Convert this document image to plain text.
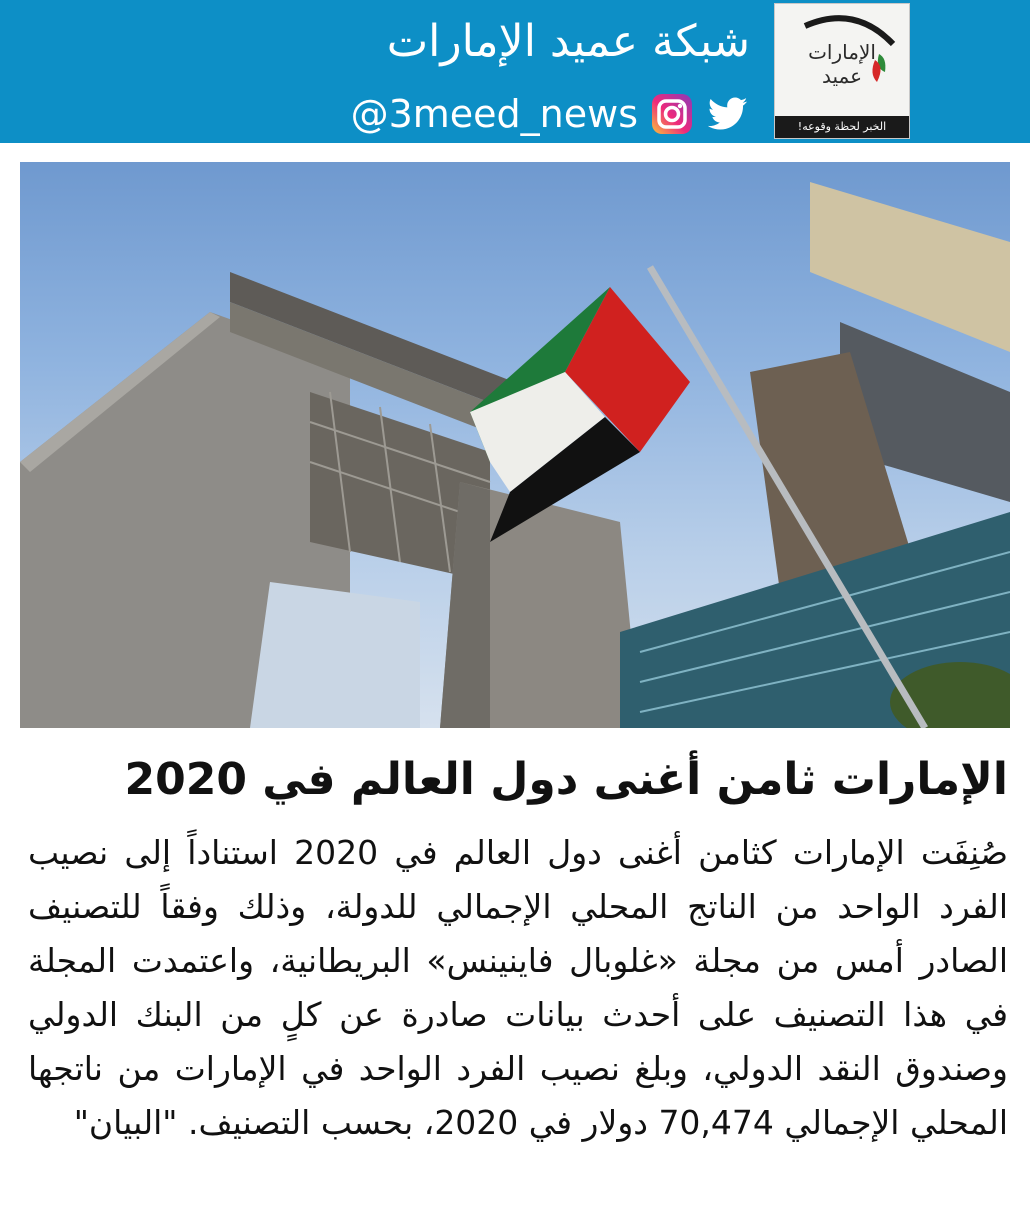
شبكة عميد الإمارات
@3meed_news
الإمارات
عميد
الخبر لحظة وقوعه!
الإمارات ثامن أغنى دول العالم في 2020

صُنِفَت الإمارات كثامن أغنى دول العالم في 2020 استناداً إلى نصيب الفرد الواحد من الناتج المحلي الإجمالي للدولة، وذلك وفقاً للتصنيف الصادر أمس من مجلة «غلوبال فاينينس» البريطانية، واعتمدت المجلة في هذا التصنيف على أحدث بيانات صادرة عن كلٍ من البنك الدولي وصندوق النقد الدولي، وبلغ نصيب الفرد الواحد في الإمارات من ناتجها المحلي الإجمالي 70,474 دولار في 2020، بحسب التصنيف. "البيان"
